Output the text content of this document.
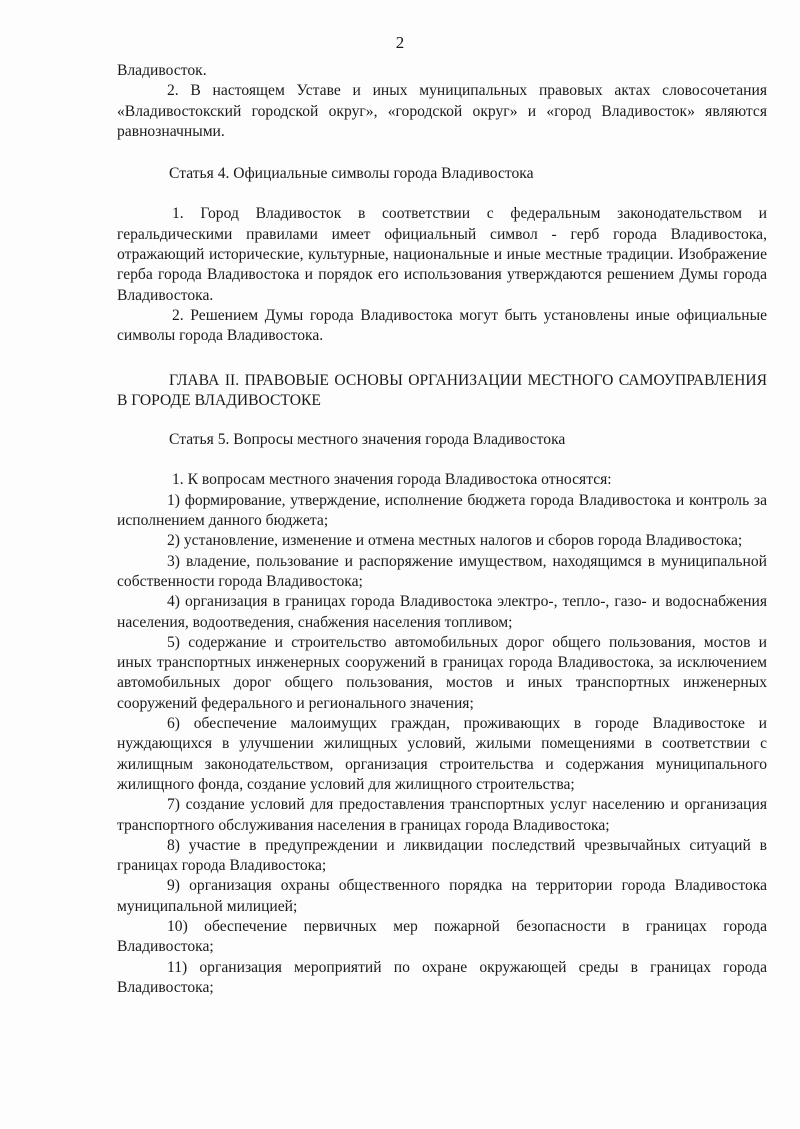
2

Владивосток.

2. В настоящем Уставе и иных муниципальных правовых актах словосочетания «Владивостокский городской округ», «городской округ» и «город Владивосток» являются равнозначными.

Статья 4. Официальные символы города Владивостока

1. Город Владивосток в соответствии с федеральным законодательством и геральдическими правилами имеет официальный символ - герб города Владивостока, отражающий исторические, культурные, национальные и иные местные традиции. Изображение герба города Владивостока и порядок его использования утверждаются решением Думы города Владивостока.

2. Решением Думы города Владивостока могут быть установлены иные официальные символы города Владивостока.

ГЛАВА II. ПРАВОВЫЕ ОСНОВЫ ОРГАНИЗАЦИИ МЕСТНОГО САМОУПРАВЛЕНИЯ В ГОРОДЕ ВЛАДИВОСТОКЕ

Статья 5. Вопросы местного значения города Владивостока

1. К вопросам местного значения города Владивостока относятся:

1) формирование, утверждение, исполнение бюджета города Владивостока и контроль за исполнением данного бюджета;

2) установление, изменение и отмена местных налогов и сборов города Владивостока;

3) владение, пользование и распоряжение имуществом, находящимся в муниципальной собственности города Владивостока;

4) организация в границах города Владивостока электро-, тепло-, газо- и водоснабжения населения, водоотведения, снабжения населения топливом;

5) содержание и строительство автомобильных дорог общего пользования, мостов и иных транспортных инженерных сооружений в границах города Владивостока, за исключением автомобильных дорог общего пользования, мостов и иных транспортных инженерных сооружений федерального и регионального значения;

6) обеспечение малоимущих граждан, проживающих в городе Владивостоке и нуждающихся в улучшении жилищных условий, жилыми помещениями в соответствии с жилищным законодательством, организация строительства и содержания муниципального жилищного фонда, создание условий для жилищного строительства;

7) создание условий для предоставления транспортных услуг населению и организация транспортного обслуживания населения в границах города Владивостока;

8) участие в предупреждении и ликвидации последствий чрезвычайных ситуаций в границах города Владивостока;

9) организация охраны общественного порядка на территории города Владивостока муниципальной милицией;

10) обеспечение первичных мер пожарной безопасности в границах города Владивостока;

11) организация мероприятий по охране окружающей среды в границах города Владивостока;
